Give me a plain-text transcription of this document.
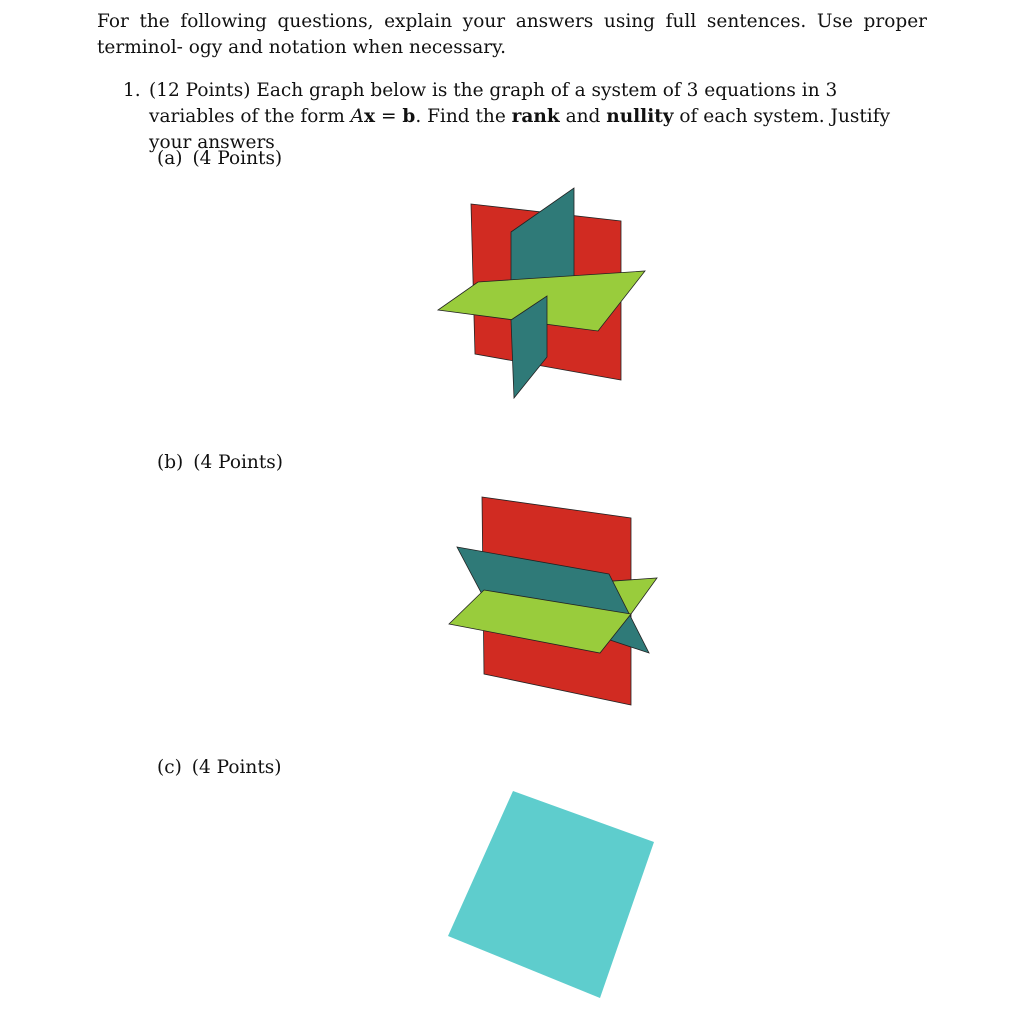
For the following questions, explain your answers using full sentences. Use proper terminol- ogy and notation when necessary.

1. (12 Points) Each graph below is the graph of a system of 3 equations in 3 variables of the form Ax = b. Find the rank and nullity of each system. Justify your answers

(a) (4 Points)
(b) (4 Points)
(c) (4 Points)
